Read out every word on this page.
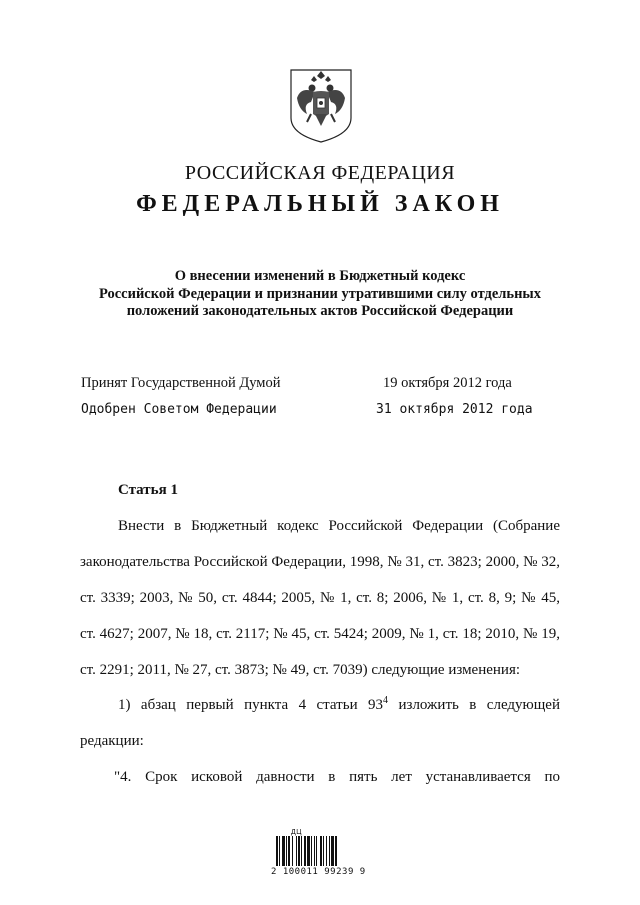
РОССИЙСКАЯ ФЕДЕРАЦИЯ
ФЕДЕРАЛЬНЫЙ ЗАКОН
О внесении изменений в Бюджетный кодекс
Российской Федерации и признании утратившими силу отдельных
положений законодательных актов Российской Федерации
Принят Государственной Думой	19 октября 2012 года
Одобрен Советом Федерации	31 октября 2012 года
Статья 1
Внести в Бюджетный кодекс Российской Федерации (Собрание
законодательства Российской Федерации, 1998, № 31, ст. 3823; 2000, № 32,
ст. 3339; 2003, № 50, ст. 4844; 2005, № 1, ст. 8; 2006, № 1, ст. 8, 9; № 45,
ст. 4627; 2007, № 18, ст. 2117; № 45, ст. 5424; 2009, № 1, ст. 18; 2010, № 19,
ст. 2291; 2011, № 27, ст. 3873; № 49, ст. 7039) следующие изменения:
1) абзац первый пункта 4 статьи $93^4$ изложить в следующей
редакции:
"4. Срок исковой давности в пять лет устанавливается по
ДЦ
2 100011 99239 9
